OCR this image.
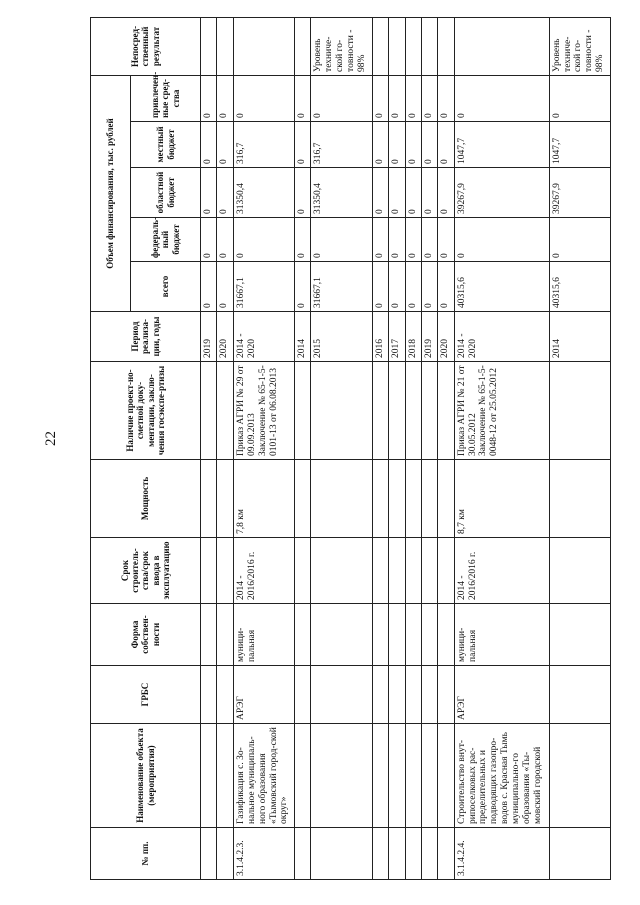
22
№ пп.	Наименование объекта (мероприятия)	ГРБС	Форма собствен-ности	Срок строитель-ства/срок ввода в эксплуатацию	Мощность	Наличие проект-но-сметной доку-ментации, заклю-чения госэкспе-ртизы	Период реализа-ции, годы	Объем финансирования, тыс. рублей					Непосред-ственный результат
								всего	федераль-ный бюджет	областной бюджет	местный бюджет	привлечен-ные сред-ства	
							2019	0	0	0	0	0	
							2020	0	0	0	0	0	
3.1.4.2.3.	Газификация с. Зо-нальное муниципаль-ного образования «Тымовский город-ской округ»	АРЭГ	муници-пальная	2014 - 2016/2016 г.	7,8 км	Приказ АГРИ № 29 от 09.09.2013 Заключение № 65-1-5-0101-13 от 06.08.2013	2014 - 2020	31667,1	0	31350,4	316,7	0	
							2014	0	0	0	0	0	
							2015	31667,1	0	31350,4	316,7	0	Уровень техниче-ской го-товности - 98%
							2016	0	0	0	0	0	
							2017	0	0	0	0	0	
							2018	0	0	0	0	0	
							2019	0	0	0	0	0	
							2020	0	0	0	0	0	
3.1.4.2.4.	Строительство внут-рипоселковых рас-пределительных и подводящих газопро-водов с. Красная Тымь муниципально-го образования «Ты-мовский городской	АРЭГ	муници-пальная	2014 - 2016/2016 г.	8,7 км	Приказ АГРИ № 21 от 30.05.2012 Заключение № 65-1-5-0048-12 от 25.05.2012	2014 - 2020	40315,6	0	39267,9	1047,7	0	
							2014	40315,6	0	39267,9	1047,7	0	Уровень техниче-ской го-товности - 98%
